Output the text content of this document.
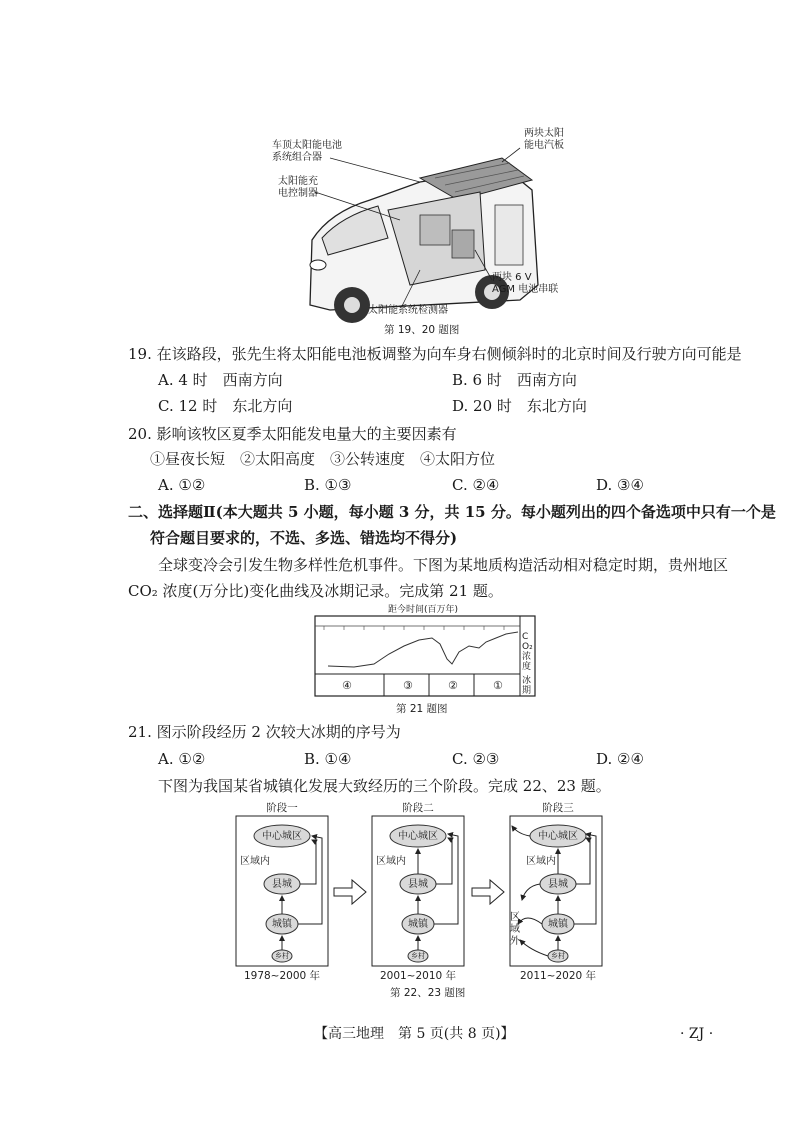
车顶太阳能电池
系统组合器
太阳能充
电控制器
两块太阳
能电汽板
两块 6 V
AGM 电池串联
太阳能系统检测器
第 19、20 题图
19. 在该路段，张先生将太阳能电池板调整为向车身右侧倾斜时的北京时间及行驶方向可能是
A. 4 时　西南方向	B. 6 时　西南方向
C. 12 时　东北方向	D. 20 时　东北方向
20. 影响该牧区夏季太阳能发电量大的主要因素有
①昼夜长短　②太阳高度　③公转速度　④太阳方位
A. ①②	B. ①③	C. ②④	D. ③④
二、选择题Ⅱ(本大题共 5 小题，每小题 3 分，共 15 分。每小题列出的四个备选项中只有一个是
符合题目要求的，不选、多选、错选均不得分)
全球变冷会引发生物多样性危机事件。下图为某地质构造活动相对稳定时期，贵州地区
CO₂ 浓度(万分比)变化曲线及冰期记录。完成第 21 题。
距今时间(百万年)
CO₂浓度
冰期
④	③	②	①
第 21 题图
21. 图示阶段经历 2 次较大冰期的序号为
A. ①②	B. ①④	C. ②③	D. ②④
下图为我国某省城镇化发展大致经历的三个阶段。完成 22、23 题。
中心城区
县城
城镇
乡村
区域内
中心城区
县城
城镇
乡村
区域内
中心城区
县城
城镇
乡村
区域内
阶段一	阶段二	阶段三
1978~2000 年	2001~2010 年	2011~2020 年
区
域
外
第 22、23 题图
【高三地理　第 5 页(共 8 页)】	· ZJ ·
